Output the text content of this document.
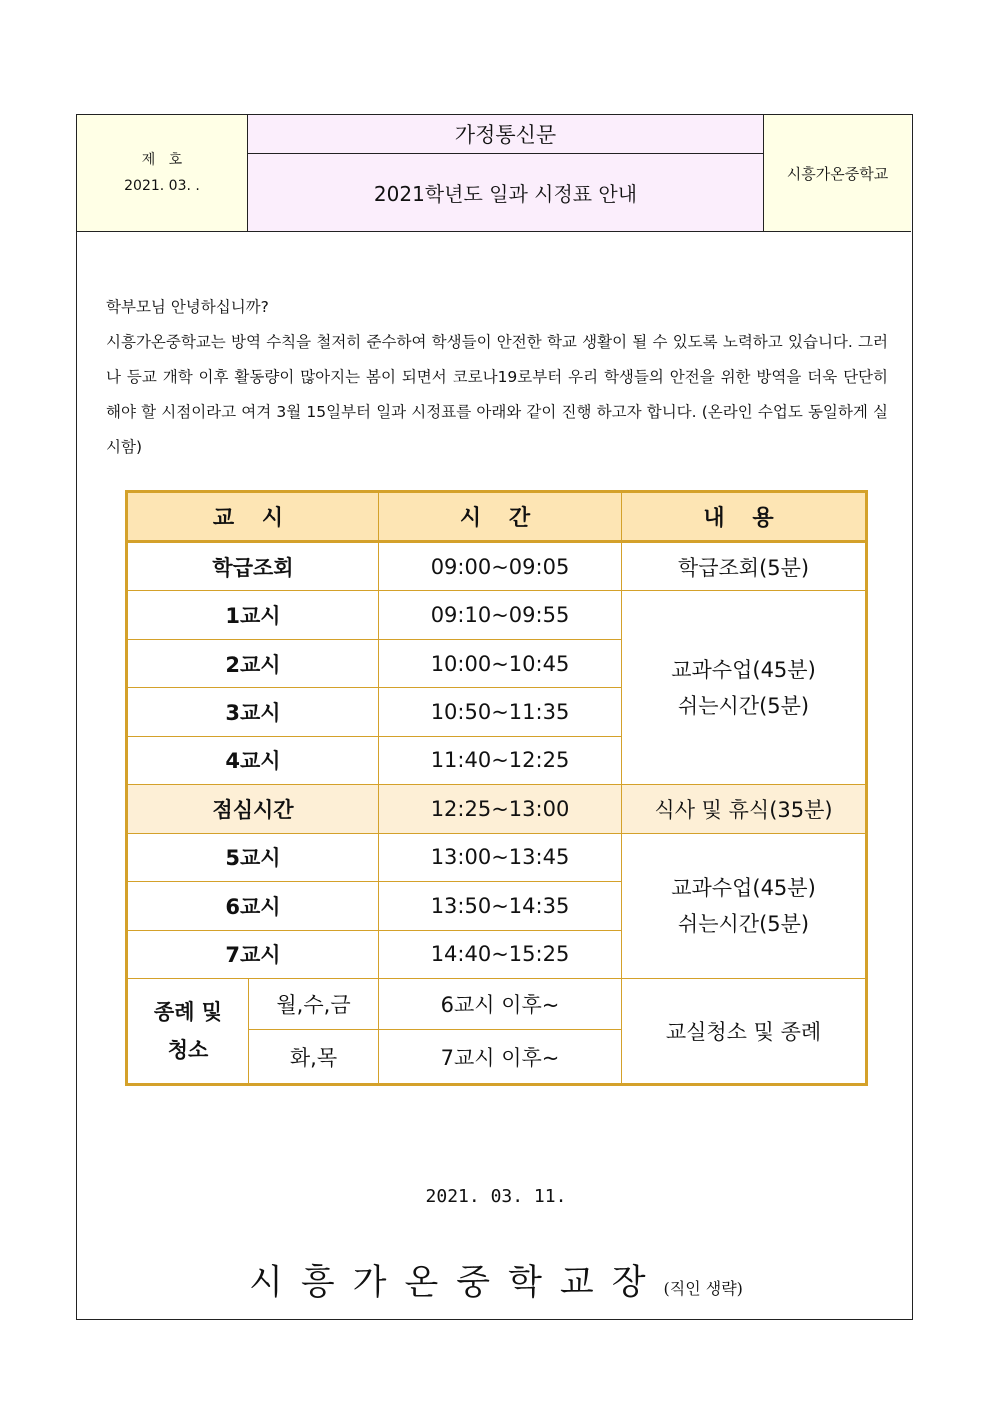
제   호
2021. 03. .
가정통신문
2021학년도 일과 시정표 안내
시흥가온중학교

학부모님 안녕하십니까?

시흥가온중학교는 방역 수칙을 철저히 준수하여 학생들이 안전한 학교 생활이 될 수 있도록 노력하고 있습니다. 그러나 등교 개학 이후 활동량이 많아지는 봄이 되면서 코로나19로부터 우리 학생들의 안전을 위한 방역을 더욱 단단히 해야 할 시점이라고 여겨 3월 15일부터 일과 시정표를 아래와 같이 진행 하고자 합니다. (온라인 수업도 동일하게 실시함)

교 시		시 간	내 용
학급조회		09:00~09:05	학급조회(5분)
1교시		09:10~09:55	교과수업(45분)
쉬는시간(5분)

2교시		10:00~10:45	
3교시		10:50~11:35	
4교시		11:40~12:25	
점심시간		12:25~13:00	식사 및 휴식(35분)
5교시		13:00~13:45	교과수업(45분)
쉬는시간(5분)

6교시		13:50~14:35	
7교시		14:40~15:25	

종례 및
청소	월,수,금	6교시 이후~	교실청소 및 종례
	화,목	7교시 이후~	
2021. 03. 11.
시흥가온중학교장(직인 생략)
